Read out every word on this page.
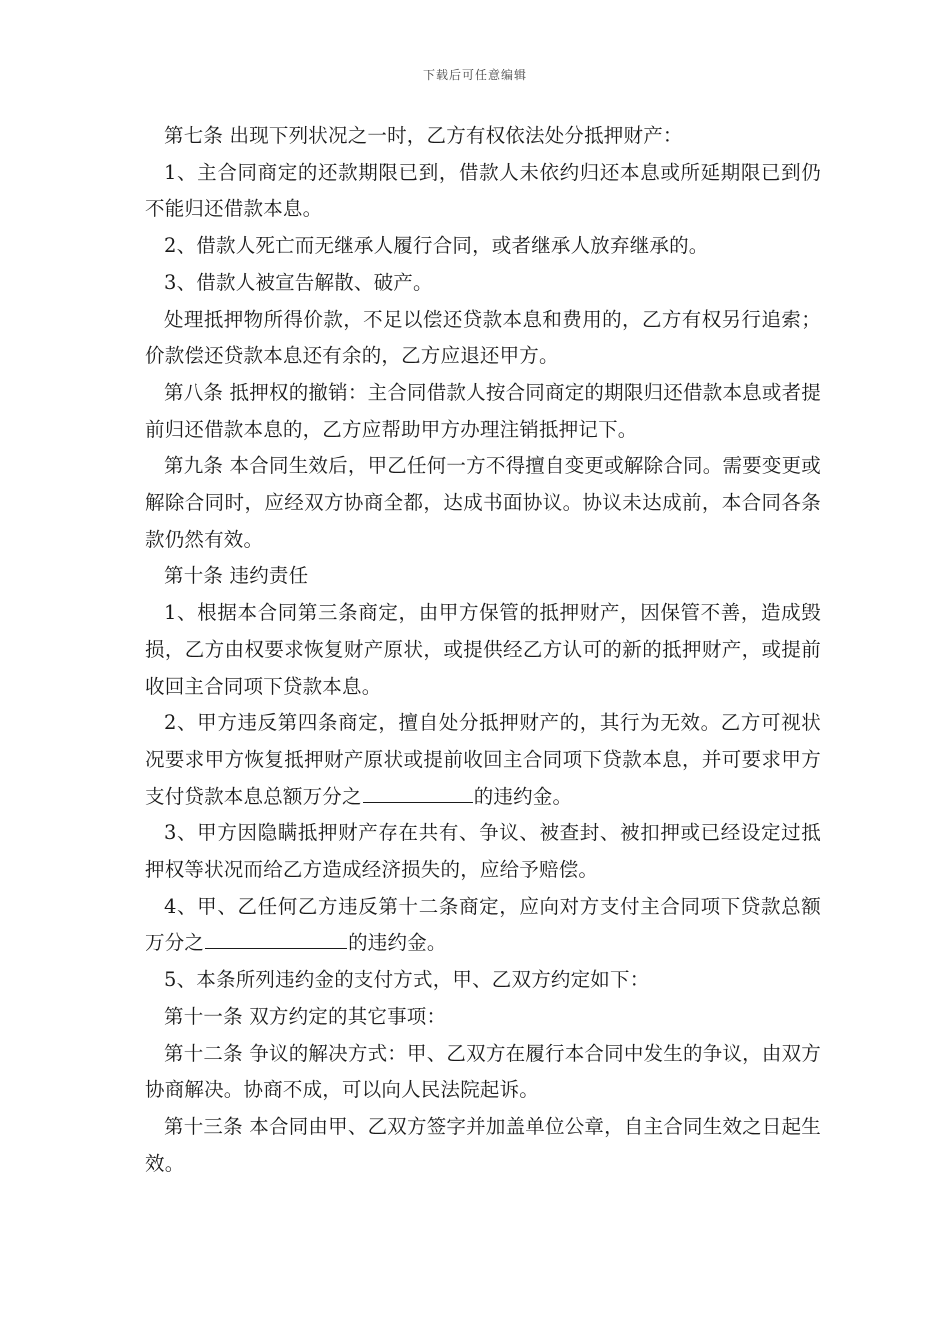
下载后可任意编辑

第七条 出现下列状况之一时，乙方有权依法处分抵押财产：

1、主合同商定的还款期限已到，借款人未依约归还本息或所延期限已到仍不能归还借款本息。

2、借款人死亡而无继承人履行合同，或者继承人放弃继承的。

3、借款人被宣告解散、破产。

处理抵押物所得价款，不足以偿还贷款本息和费用的，乙方有权另行追索；价款偿还贷款本息还有余的，乙方应退还甲方。

第八条 抵押权的撤销：主合同借款人按合同商定的期限归还借款本息或者提前归还借款本息的，乙方应帮助甲方办理注销抵押记下。

第九条 本合同生效后，甲乙任何一方不得擅自变更或解除合同。需要变更或解除合同时，应经双方协商全都，达成书面协议。协议未达成前，本合同各条款仍然有效。

第十条 违约责任

1、根据本合同第三条商定，由甲方保管的抵押财产，因保管不善，造成毁损，乙方由权要求恢复财产原状，或提供经乙方认可的新的抵押财产，或提前收回主合同项下贷款本息。

2、甲方违反第四条商定，擅自处分抵押财产的，其行为无效。乙方可视状况要求甲方恢复抵押财产原状或提前收回主合同项下贷款本息，并可要求甲方支付贷款本息总额万分之	的违约金。

3、甲方因隐瞒抵押财产存在共有、争议、被查封、被扣押或已经设定过抵押权等状况而给乙方造成经济损失的，应给予赔偿。

4、甲、乙任何乙方违反第十二条商定，应向对方支付主合同项下贷款总额万分之	的违约金。

5、本条所列违约金的支付方式，甲、乙双方约定如下：

第十一条 双方约定的其它事项：

第十二条 争议的解决方式：甲、乙双方在履行本合同中发生的争议，由双方协商解决。协商不成，可以向人民法院起诉。

第十三条 本合同由甲、乙双方签字并加盖单位公章，自主合同生效之日起生效。
